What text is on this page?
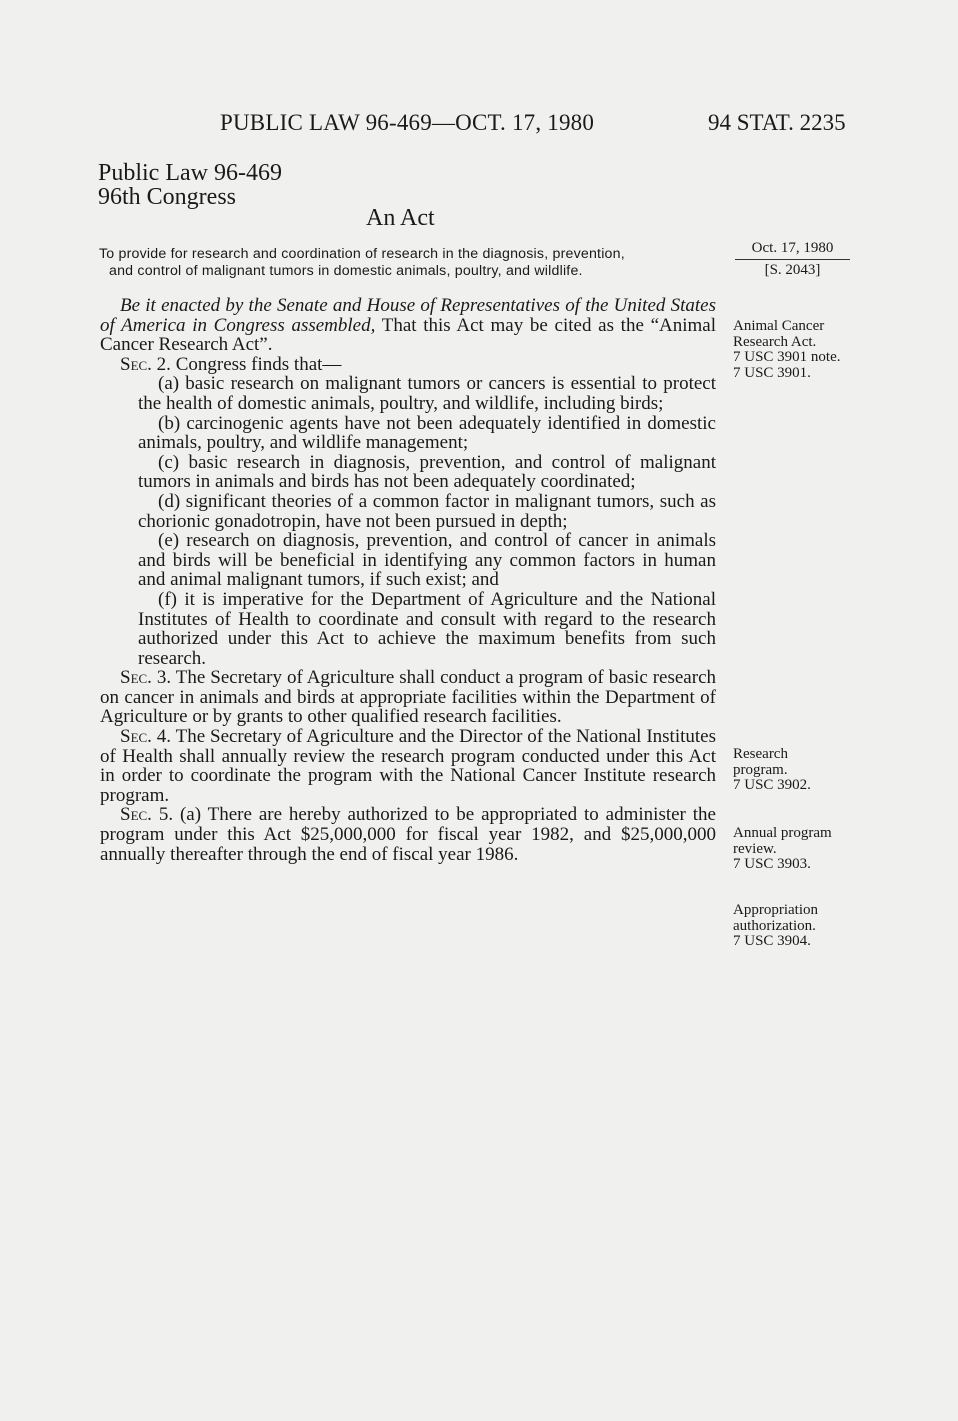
PUBLIC LAW 96-469—OCT. 17, 1980	94 STAT. 2235
Public Law 96-469
96th Congress
An Act
To provide for research and coordination of research in the diagnosis, prevention,
and control of malignant tumors in domestic animals, poultry, and wildlife.
Oct. 17, 1980
[S. 2043]

Be it enacted by the Senate and House of Representatives of the United States of America in Congress assembled, That this Act may be cited as the “Animal Cancer Research Act”.

Sec. 2. Congress finds that—

(a) basic research on malignant tumors or cancers is essential to protect the health of domestic animals, poultry, and wildlife, including birds;

(b) carcinogenic agents have not been adequately identified in domestic animals, poultry, and wildlife management;

(c) basic research in diagnosis, prevention, and control of malignant tumors in animals and birds has not been adequately coordinated;

(d) significant theories of a common factor in malignant tumors, such as chorionic gonadotropin, have not been pursued in depth;

(e) research on diagnosis, prevention, and control of cancer in animals and birds will be beneficial in identifying any common factors in human and animal malignant tumors, if such exist; and

(f) it is imperative for the Department of Agriculture and the National Institutes of Health to coordinate and consult with regard to the research authorized under this Act to achieve the maximum benefits from such research.

Sec. 3. The Secretary of Agriculture shall conduct a program of basic research on cancer in animals and birds at appropriate facilities within the Department of Agriculture or by grants to other qualified research facilities.

Sec. 4. The Secretary of Agriculture and the Director of the National Institutes of Health shall annually review the research program conducted under this Act in order to coordinate the program with the National Cancer Institute research program.

Sec. 5. (a) There are hereby authorized to be appropriated to administer the program under this Act $25,000,000 for fiscal year 1982, and $25,000,000 annually thereafter through the end of fiscal year 1986.

Animal Cancer
Research Act.
7 USC 3901 note.
7 USC 3901.
Research
program.
7 USC 3902.
Annual program
review.
7 USC 3903.
Appropriation
authorization.
7 USC 3904.
